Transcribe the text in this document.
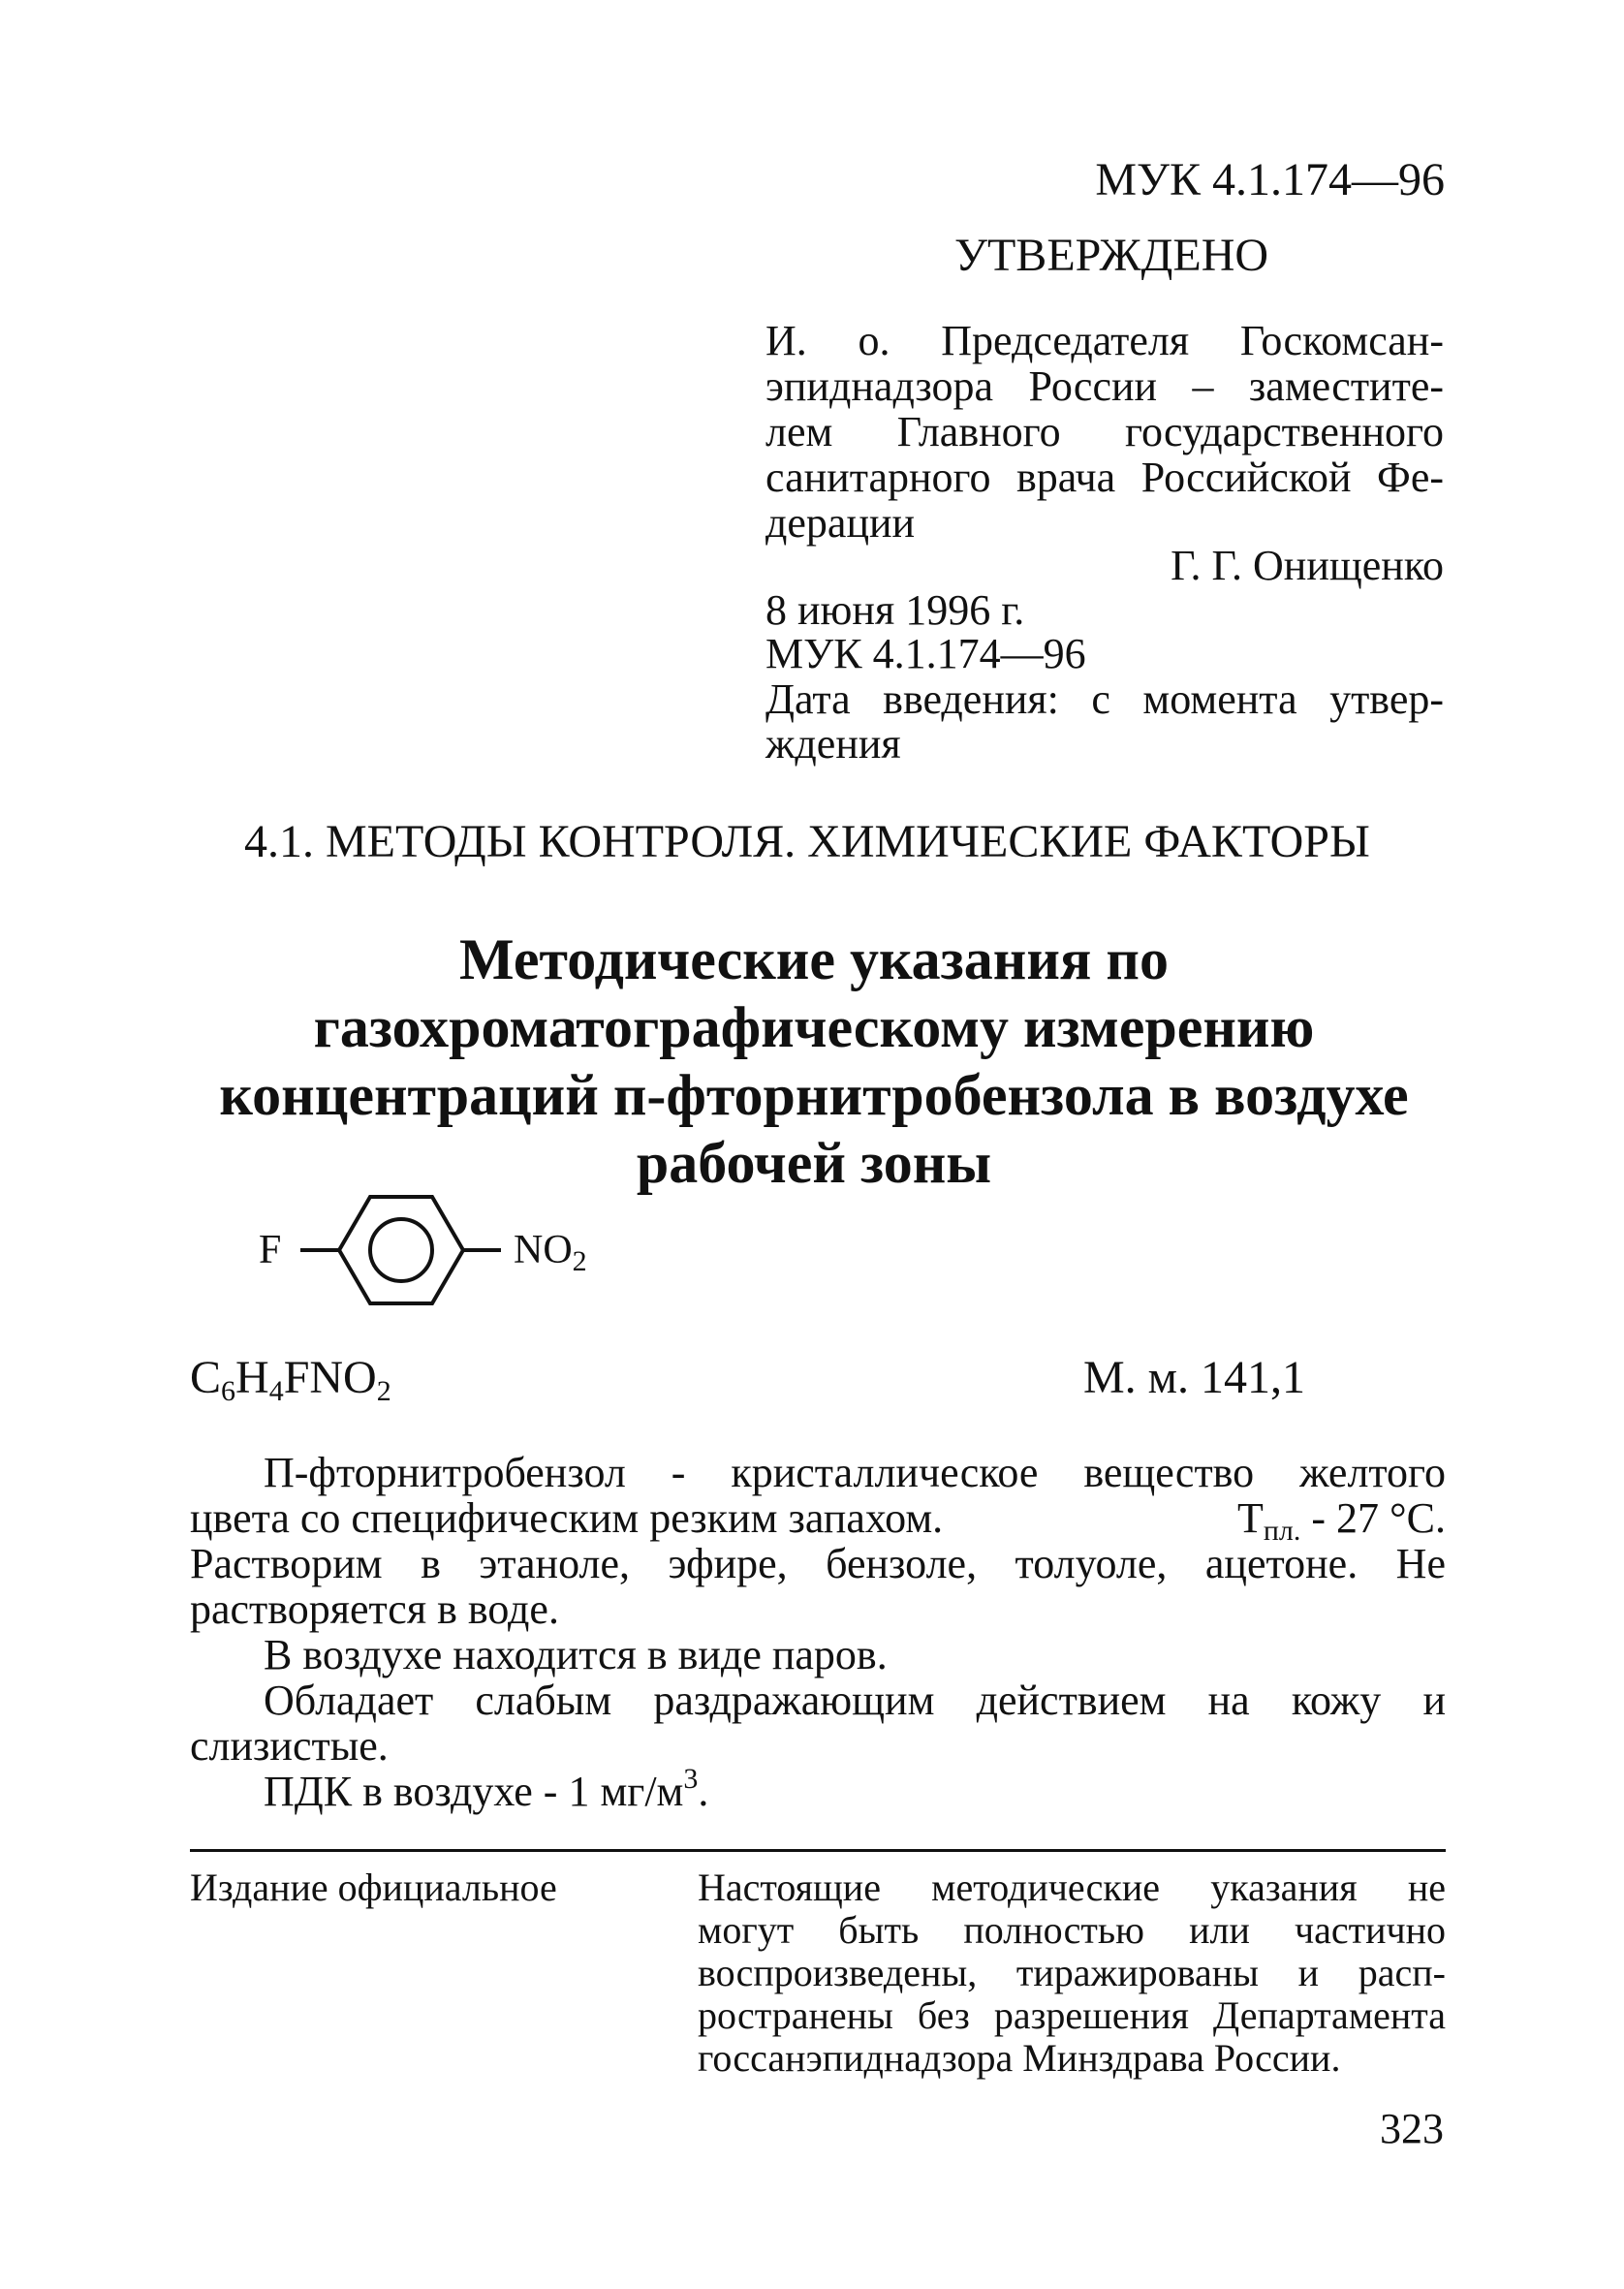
МУК 4.1.174—96
УТВЕРЖДЕНО
И. о. Председателя Госкомсан-
эпиднадзора России – заместите-
лем Главного государственного
санитарного врача Российской Фе-
дерации
Г. Г. Онищенко
8 июня 1996 г.
МУК 4.1.174—96
Дата введения: с момента утвер-
ждения
4.1. МЕТОДЫ КОНТРОЛЯ. ХИМИЧЕСКИЕ ФАКТОРЫ
Методические указания по
газохроматографическому измерению
концентраций п-фторнитробензола в воздухе
рабочей зоны
F	NO2
$C_6H_4FNO_2$	М. м. 141,1
П-фторнитробензол - кристаллическое вещество желтого
цвета со специфическим резким запахом.	$Т_{пл.} - 27$ °С.
Растворим в этаноле, эфире, бензоле, толуоле, ацетоне. Не
растворяется в воде.
В воздухе находится в виде паров.
Обладает слабым раздражающим действием на кожу и
слизистые.
ПДК в воздухе - 1 $мг/м^3$.
Издание официальное	Настоящие методические указания не
могут быть полностью или частично
воспроизведены, тиражированы и расп-
ространены без разрешения Департамента
госсанэпиднадзора Минздрава России.
323
